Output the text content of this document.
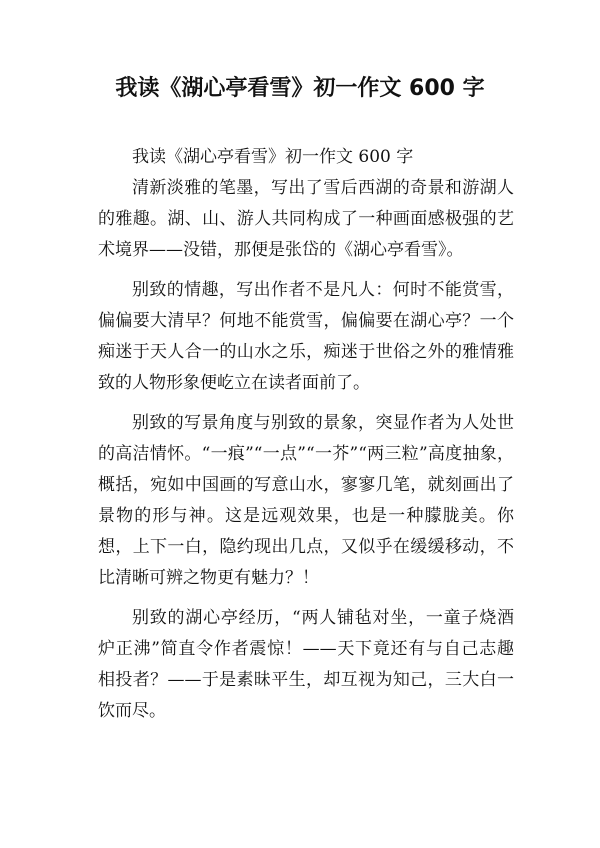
我读《湖心亭看雪》初一作文 600 字

我读《湖心亭看雪》初一作文 600 字

清新淡雅的笔墨，写出了雪后西湖的奇景和游湖人的雅趣。湖、山、游人共同构成了一种画面感极强的艺术境界——没错，那便是张岱的《湖心亭看雪》。

别致的情趣，写出作者不是凡人：何时不能赏雪，偏偏要大清早？何地不能赏雪，偏偏要在湖心亭？一个痴迷于天人合一的山水之乐，痴迷于世俗之外的雅情雅致的人物形象便屹立在读者面前了。

别致的写景角度与别致的景象，突显作者为人处世的高洁情怀。“一痕”“一点”“一芥”“两三粒”高度抽象，概括，宛如中国画的写意山水，寥寥几笔，就刻画出了景物的形与神。这是远观效果，也是一种朦胧美。你想，上下一白，隐约现出几点，又似乎在缓缓移动，不比清晰可辨之物更有魅力？！

别致的湖心亭经历，“两人铺毡对坐，一童子烧酒炉正沸”简直令作者震惊！——天下竟还有与自己志趣相投者？——于是素昧平生，却互视为知己，三大白一饮而尽。
